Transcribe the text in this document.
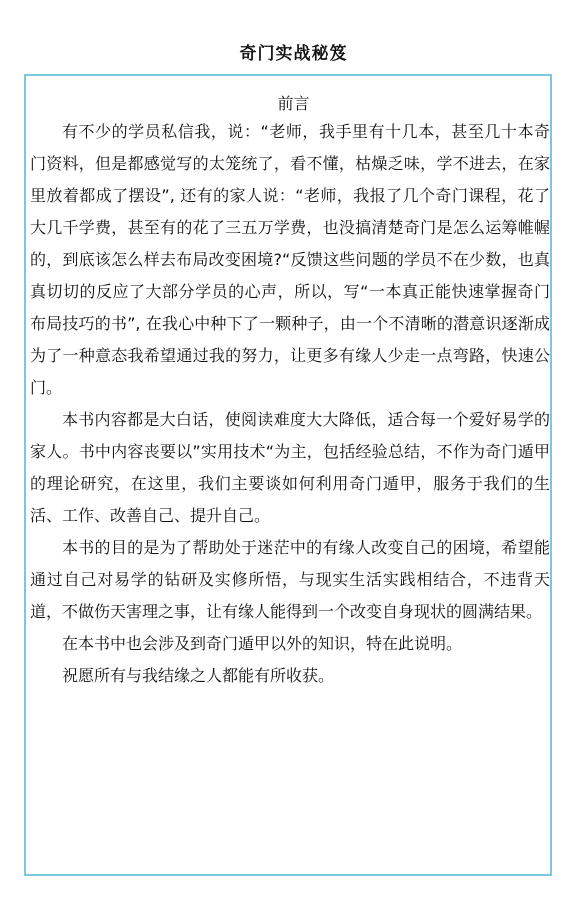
奇门实战秘笈
前言

有不少的学员私信我，说：“老师，我手里有十几本，甚至几十本奇门资料，但是都感觉写的太笼统了，看不懂，枯燥乏味，学不进去，在家里放着都成了摆设”, 还有的家人说：“老师，我报了几个奇门课程，花了大几千学费，甚至有的花了三五万学费，也没搞清楚奇门是怎么运筹帷幄的，到底该怎么样去布局改变困境?“反馈这些问题的学员不在少数，也真真切切的反应了大部分学员的心声，所以，写“一本真正能快速掌握奇门布局技巧的书”, 在我心中种下了一颗种子，由一个不清晰的潜意识逐渐成为了一种意态我希望通过我的努力，让更多有缘人少走一点弯路，快速公门。

本书内容都是大白话，使阅读难度大大降低，适合每一个爱好易学的家人。书中内容丧要以”实用技术“为主，包括经验总结，不作为奇门遁甲的理论研究，在这里，我们主要谈如何利用奇门遁甲，服务于我们的生活、工作、改善自己、提升自己。

本书的目的是为了帮助处于迷茫中的有缘人改变自己的困境，希望能通过自己对易学的钻研及实修所悟，与现实生活实践相结合，不违背天道，不做伤天害理之事，让有缘人能得到一个改变自身现状的圆满结果。

在本书中也会涉及到奇门遁甲以外的知识，特在此说明。

祝愿所有与我结缘之人都能有所收获。
